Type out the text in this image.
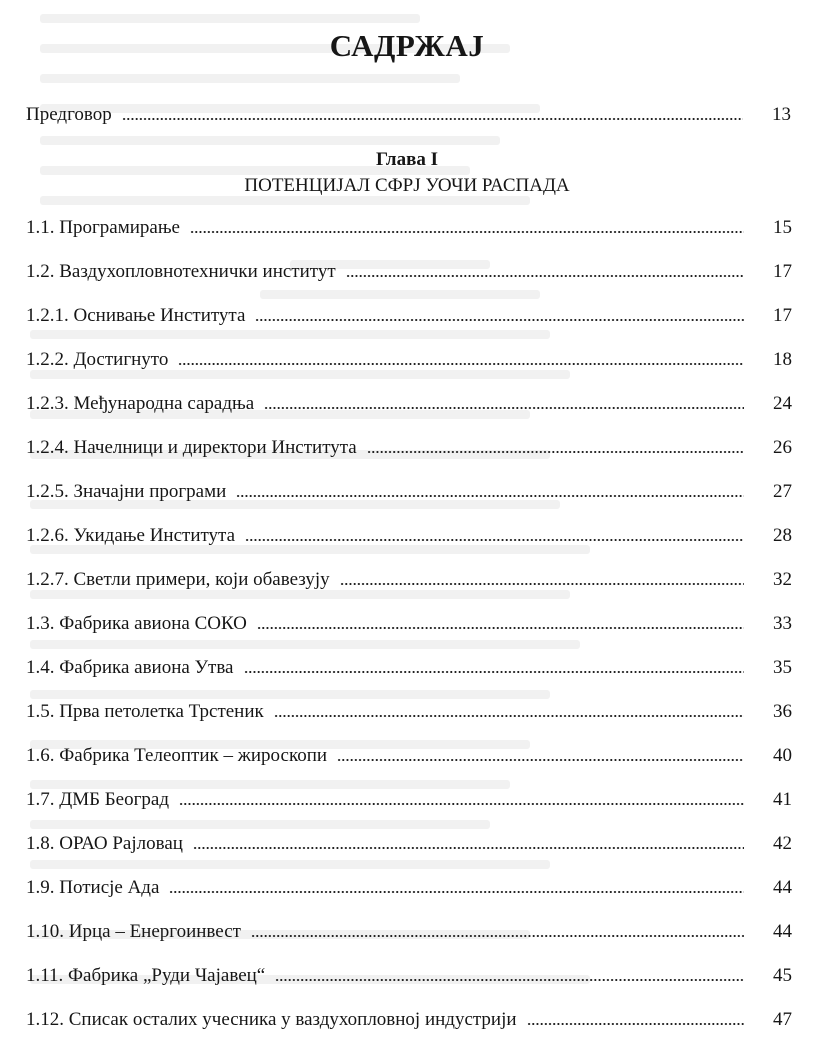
САДРЖАЈ
Предговор	13
Глава I
ПОТЕНЦИЈАЛ СФРЈ УОЧИ РАСПАДА
1.1. Програмирање	15
1.2. Ваздухопловнотехнички институт	17
1.2.1. Оснивање Института	17
1.2.2. Достигнуто	18
1.2.3. Међународна сарадња	24
1.2.4. Начелници и директори Института	26
1.2.5. Значајни програми	27
1.2.6. Укидање Института	28
1.2.7. Светли примери, који обавезују	32
1.3. Фабрика авиона СОКО	33
1.4. Фабрика авиона Утва	35
1.5. Прва петолетка Трстеник	36
1.6. Фабрика Телеоптик – жироскопи	40
1.7. ДМБ Београд	41
1.8. ОРАО Рајловац	42
1.9. Потисје Ада	44
1.10. Ирца – Енергоинвест	44
1.11. Фабрика „Руди Чајавец“	45
1.12. Списак осталих учесника у ваздухопловној индустрији	47
